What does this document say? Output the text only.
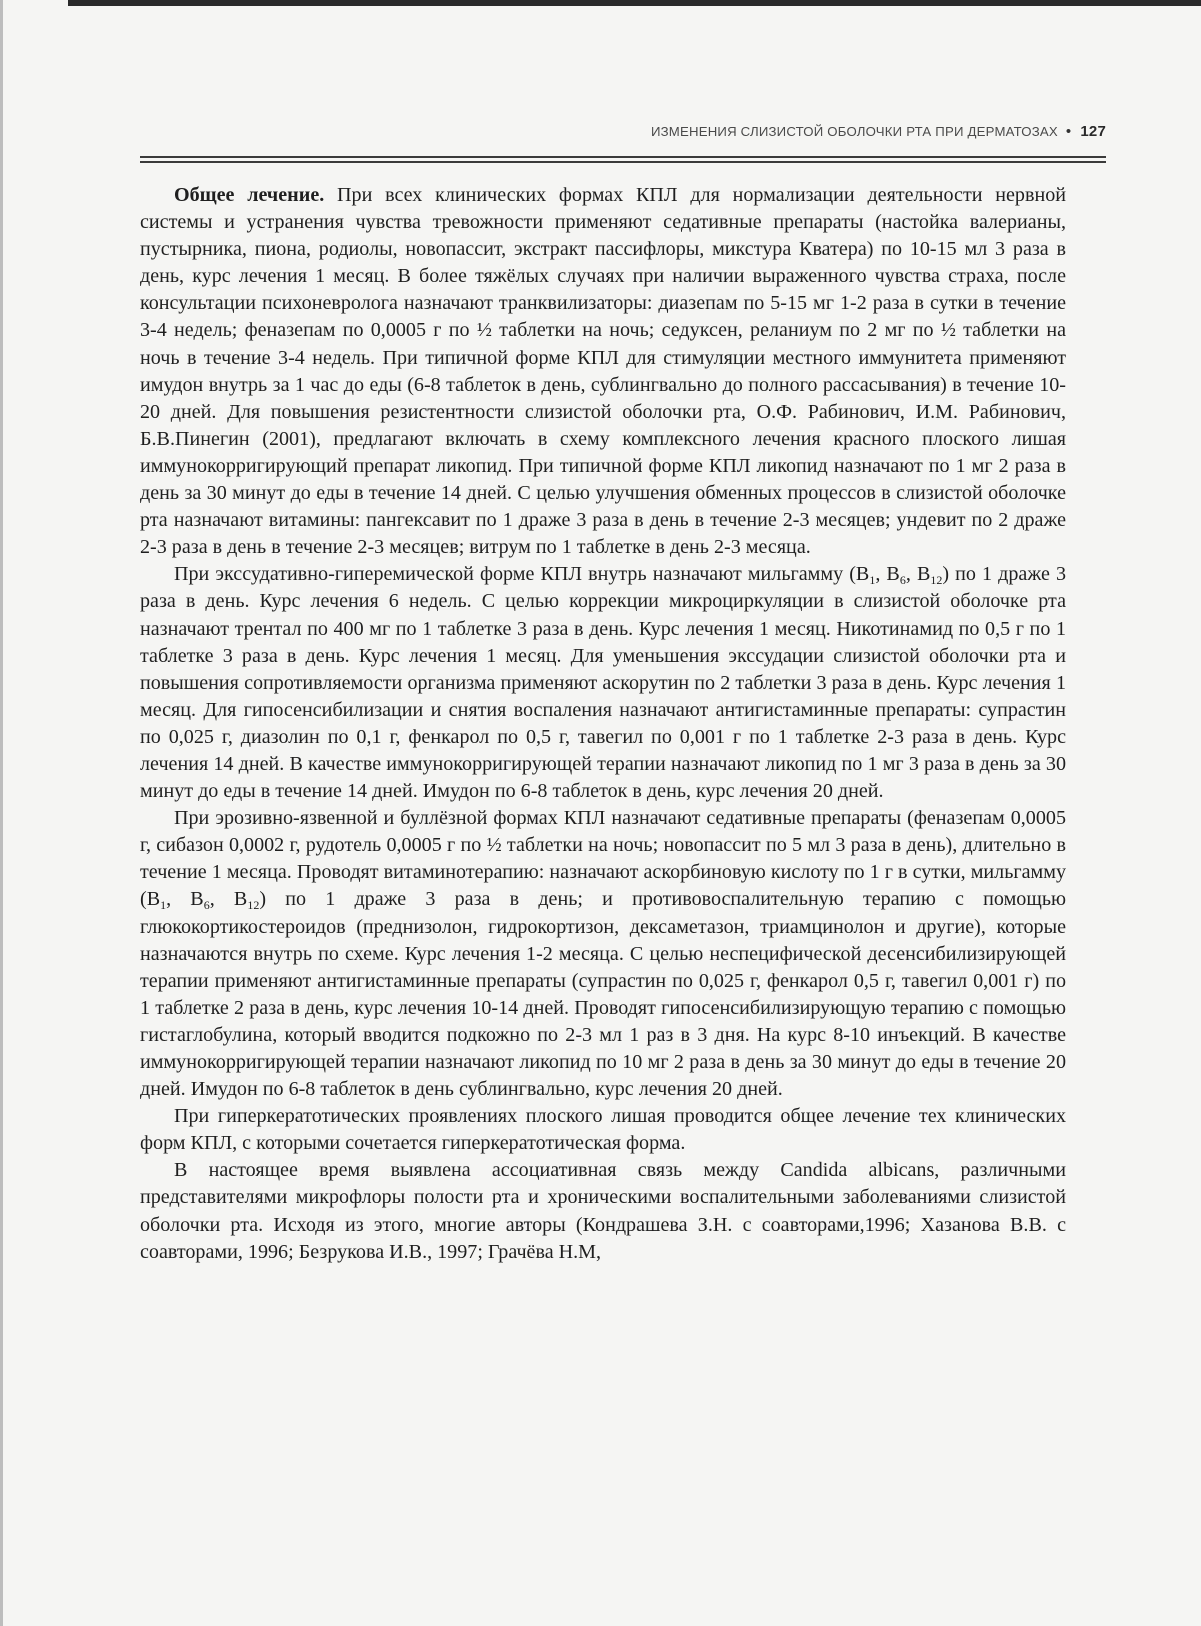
ИЗМЕНЕНИЯ СЛИЗИСТОЙ ОБОЛОЧКИ РТА ПРИ ДЕРМАТОЗАХ • 127

Общее лечение. При всех клинических формах КПЛ для нормализации деятельности нервной системы и устранения чувства тревожности применяют седативные препараты (настойка валерианы, пустырника, пиона, родиолы, новопассит, экстракт пассифлоры, микстура Кватера) по 10-15 мл 3 раза в день, курс лечения 1 месяц. В более тяжёлых случаях при наличии выраженного чувства страха, после консультации психоневролога назначают транквилизаторы: диазепам по 5-15 мг 1-2 раза в сутки в течение 3-4 недель; феназепам по 0,0005 г по ½ таблетки на ночь; седуксен, реланиум по 2 мг по ½ таблетки на ночь в течение 3-4 недель. При типичной форме КПЛ для стимуляции местного иммунитета применяют имудон внутрь за 1 час до еды (6-8 таблеток в день, сублингвально до полного рассасывания) в течение 10-20 дней. Для повышения резистентности слизистой оболочки рта, О.Ф. Рабинович, И.М. Рабинович, Б.В.Пинегин (2001), предлагают включать в схему комплексного лечения красного плоского лишая иммунокорригирующий препарат ликопид. При типичной форме КПЛ ликопид назначают по 1 мг 2 раза в день за 30 минут до еды в течение 14 дней. С целью улучшения обменных процессов в слизистой оболочке рта назначают витамины: пангексавит по 1 драже 3 раза в день в течение 2-3 месяцев; ундевит по 2 драже 2-3 раза в день в течение 2-3 месяцев; витрум по 1 таблетке в день 2-3 месяца.

При экссудативно-гиперемической форме КПЛ внутрь назначают мильгамму ($B_1$, $B_6$, $B_{12}$) по 1 драже 3 раза в день. Курс лечения 6 недель. С целью коррекции микроциркуляции в слизистой оболочке рта назначают трентал по 400 мг по 1 таблетке 3 раза в день. Курс лечения 1 месяц. Никотинамид по 0,5 г по 1 таблетке 3 раза в день. Курс лечения 1 месяц. Для уменьшения экссудации слизистой оболочки рта и повышения сопротивляемости организма применяют аскорутин по 2 таблетки 3 раза в день. Курс лечения 1 месяц. Для гипосенсибилизации и снятия воспаления назначают антигистаминные препараты: супрастин по 0,025 г, диазолин по 0,1 г, фенкарол по 0,5 г, тавегил по 0,001 г по 1 таблетке 2-3 раза в день. Курс лечения 14 дней. В качестве иммунокорригирующей терапии назначают ликопид по 1 мг 3 раза в день за 30 минут до еды в течение 14 дней. Имудон по 6-8 таблеток в день, курс лечения 20 дней.

При эрозивно-язвенной и буллёзной формах КПЛ назначают седативные препараты (феназепам 0,0005 г, сибазон 0,0002 г, рудотель 0,0005 г по ½ таблетки на ночь; новопассит по 5 мл 3 раза в день), длительно в течение 1 месяца. Проводят витаминотерапию: назначают аскорбиновую кислоту по 1 г в сутки, мильгамму ($B_1$, $B_6$, $B_{12}$) по 1 драже 3 раза в день; и противовоспалительную терапию с помощью глюкокортикостероидов (преднизолон, гидрокортизон, дексаметазон, триамцинолон и другие), которые назначаются внутрь по схеме. Курс лечения 1-2 месяца. С целью неспецифической десенсибилизирующей терапии применяют антигистаминные препараты (супрастин по 0,025 г, фенкарол 0,5 г, тавегил 0,001 г) по 1 таблетке 2 раза в день, курс лечения 10-14 дней. Проводят гипосенсибилизирующую терапию с помощью гистаглобулина, который вводится подкожно по 2-3 мл 1 раз в 3 дня. На курс 8-10 инъекций. В качестве иммунокорригирующей терапии назначают ликопид по 10 мг 2 раза в день за 30 минут до еды в течение 20 дней. Имудон по 6-8 таблеток в день сублингвально, курс лечения 20 дней.

При гиперкератотических проявлениях плоского лишая проводится общее лечение тех клинических форм КПЛ, с которыми сочетается гиперкератотическая форма.

В настоящее время выявлена ассоциативная связь между Candida albicans, различными представителями микрофлоры полости рта и хроническими воспалительными заболеваниями слизистой оболочки рта. Исходя из этого, многие авторы (Кондрашева З.Н. с соавторами,1996; Хазанова В.В. с соавторами, 1996; Безрукова И.В., 1997; Грачёва Н.М,
